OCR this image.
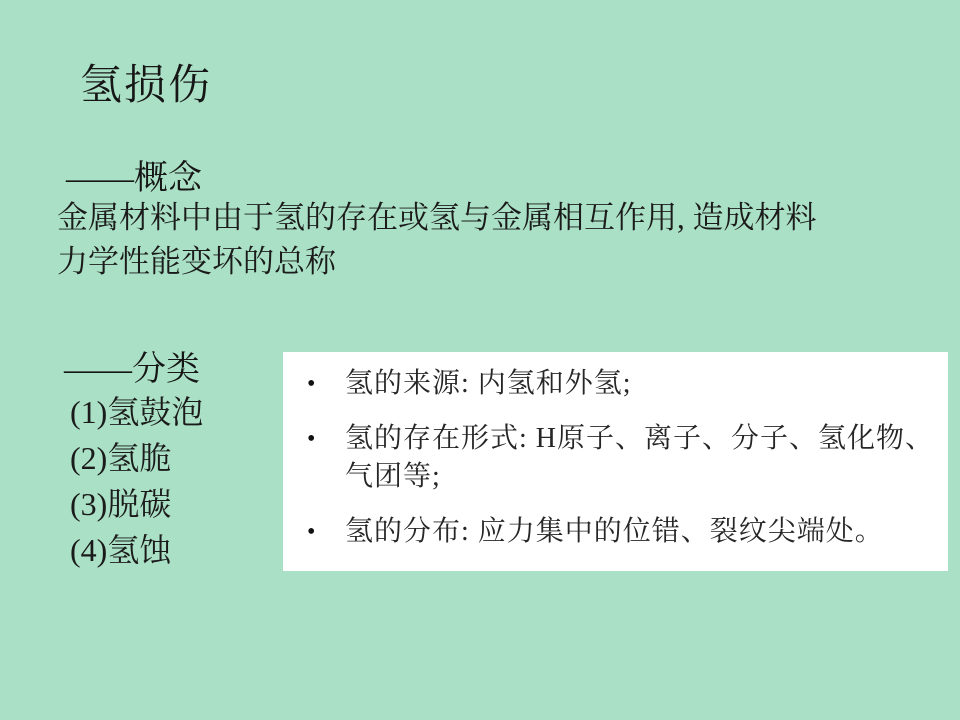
氢损伤
——概念
金属材料中由于氢的存在或氢与金属相互作用, 造成材料
力学性能变坏的总称
——分类
(1)氢鼓泡
(2)氢脆
(3)脱碳
(4)氢蚀
•	氢的来源: 内氢和外氢;
•	氢的存在形式: H原子、离子、分子、氢化物、
气团等;
•	氢的分布: 应力集中的位错、裂纹尖端处。
